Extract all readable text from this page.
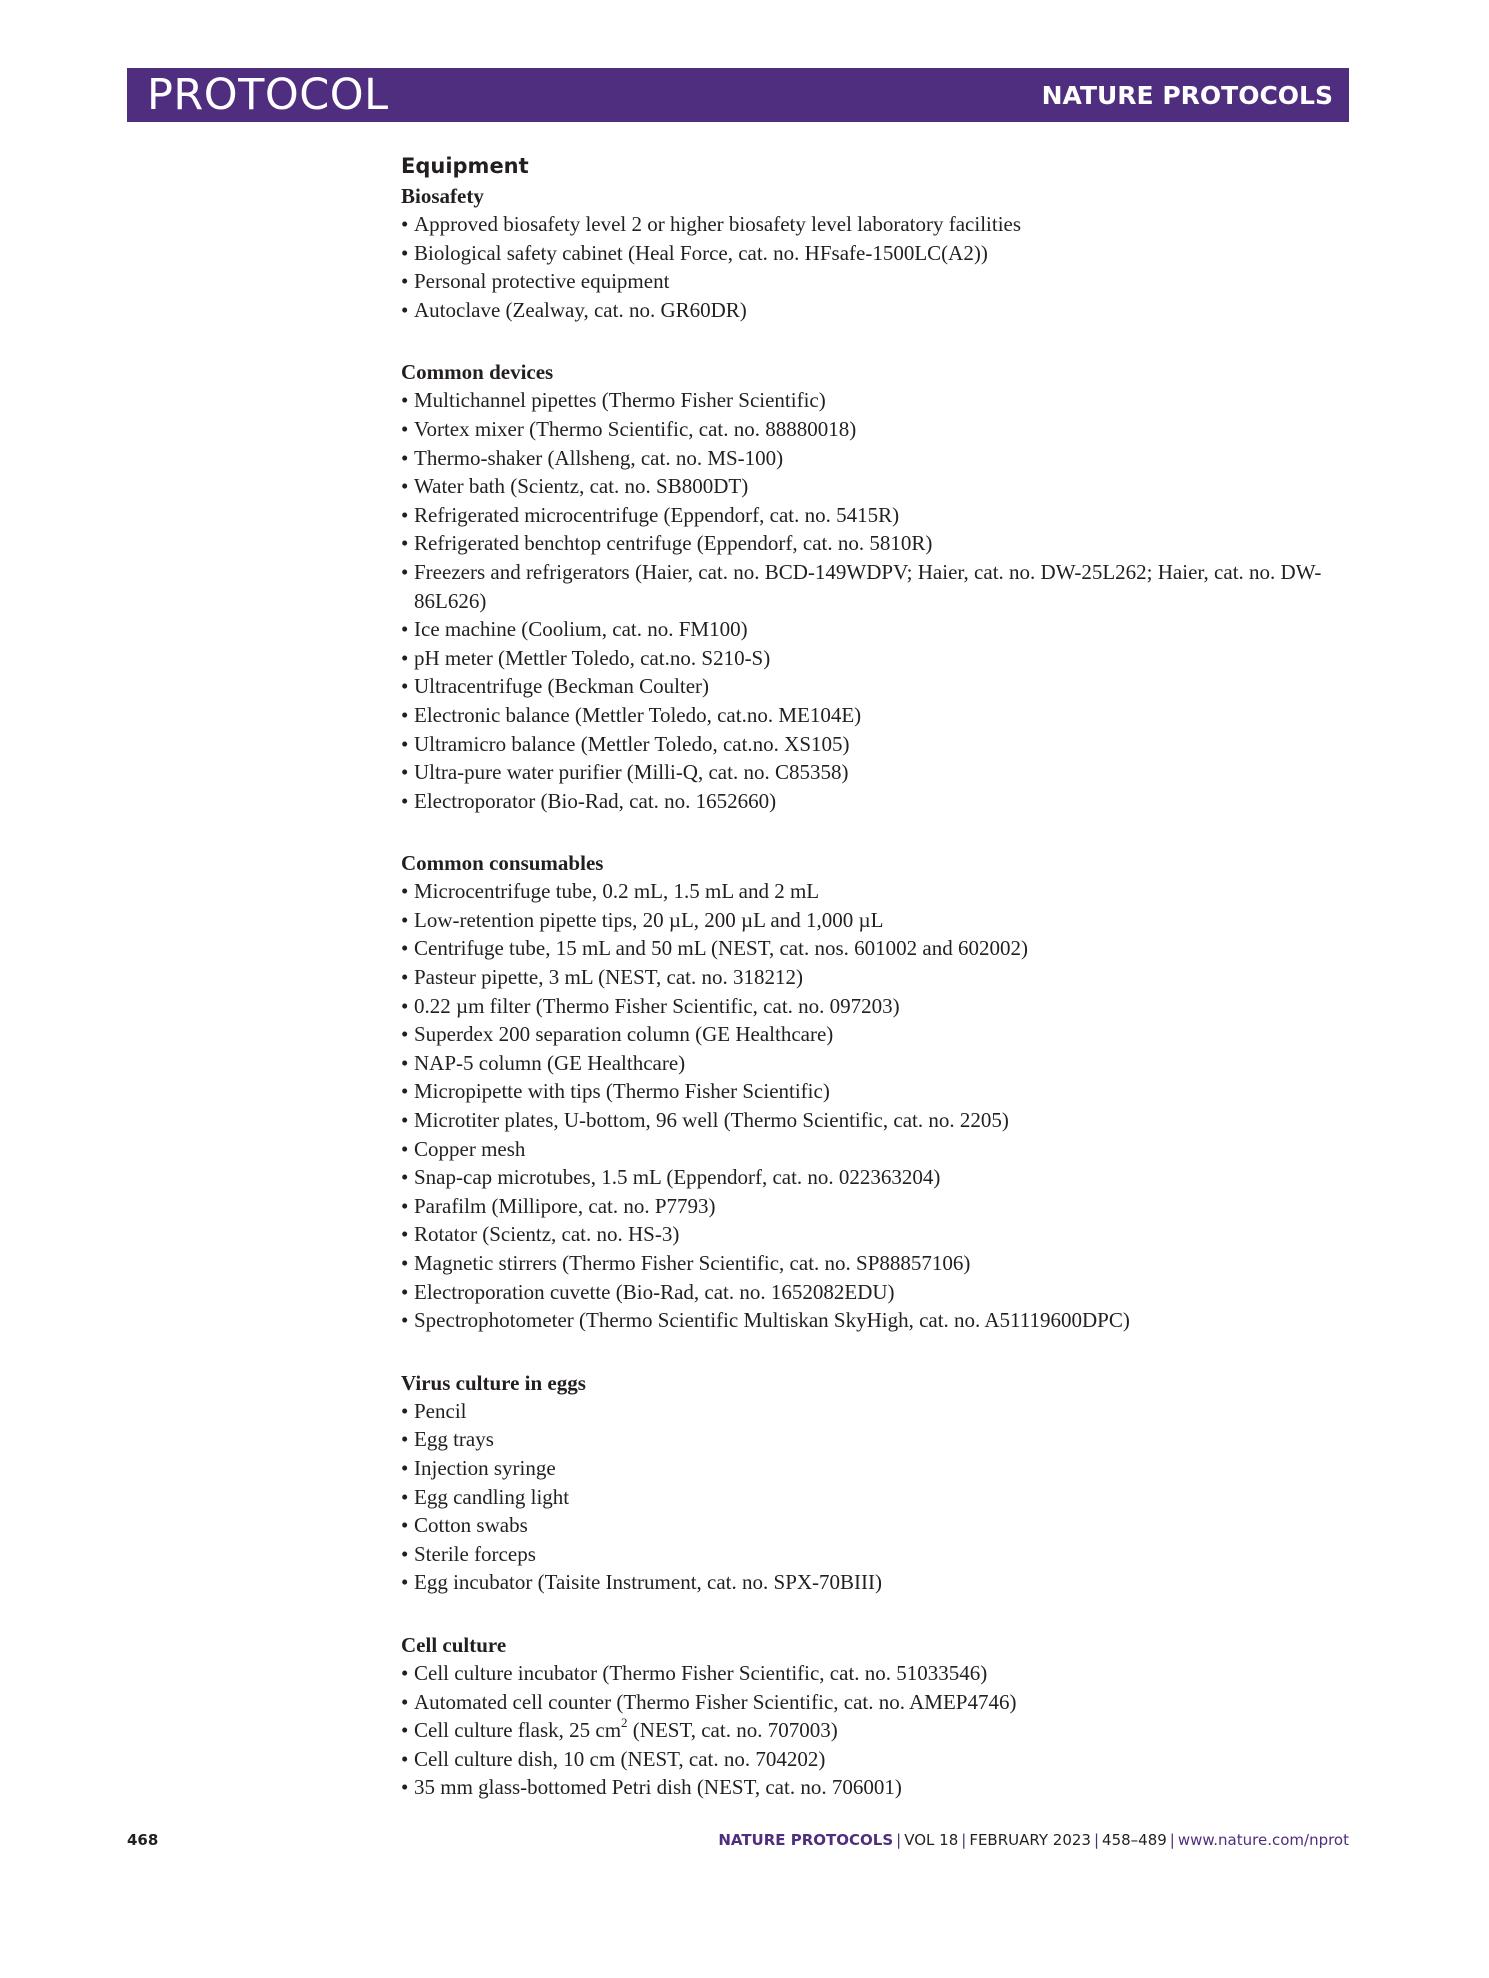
PROTOCOL	NATURE PROTOCOLS
Equipment
Biosafety
• Approved biosafety level 2 or higher biosafety level laboratory facilities
• Biological safety cabinet (Heal Force, cat. no. HFsafe-1500LC(A2))
• Personal protective equipment
• Autoclave (Zealway, cat. no. GR60DR)
Common devices
• Multichannel pipettes (Thermo Fisher Scientific)
• Vortex mixer (Thermo Scientific, cat. no. 88880018)
• Thermo-shaker (Allsheng, cat. no. MS-100)
• Water bath (Scientz, cat. no. SB800DT)
• Refrigerated microcentrifuge (Eppendorf, cat. no. 5415R)
• Refrigerated benchtop centrifuge (Eppendorf, cat. no. 5810R)
• Freezers and refrigerators (Haier, cat. no. BCD-149WDPV; Haier, cat. no. DW-25L262; Haier, cat. no. DW-86L626)
• Ice machine (Coolium, cat. no. FM100)
• pH meter (Mettler Toledo, cat.no. S210-S)
• Ultracentrifuge (Beckman Coulter)
• Electronic balance (Mettler Toledo, cat.no. ME104E)
• Ultramicro balance (Mettler Toledo, cat.no. XS105)
• Ultra-pure water purifier (Milli-Q, cat. no. C85358)
• Electroporator (Bio-Rad, cat. no. 1652660)
Common consumables
• Microcentrifuge tube, 0.2 mL, 1.5 mL and 2 mL
• Low-retention pipette tips, 20 µL, 200 µL and 1,000 µL
• Centrifuge tube, 15 mL and 50 mL (NEST, cat. nos. 601002 and 602002)
• Pasteur pipette, 3 mL (NEST, cat. no. 318212)
• 0.22 µm filter (Thermo Fisher Scientific, cat. no. 097203)
• Superdex 200 separation column (GE Healthcare)
• NAP-5 column (GE Healthcare)
• Micropipette with tips (Thermo Fisher Scientific)
• Microtiter plates, U-bottom, 96 well (Thermo Scientific, cat. no. 2205)
• Copper mesh
• Snap-cap microtubes, 1.5 mL (Eppendorf, cat. no. 022363204)
• Parafilm (Millipore, cat. no. P7793)
• Rotator (Scientz, cat. no. HS-3)
• Magnetic stirrers (Thermo Fisher Scientific, cat. no. SP88857106)
• Electroporation cuvette (Bio-Rad, cat. no. 1652082EDU)
• Spectrophotometer (Thermo Scientific Multiskan SkyHigh, cat. no. A51119600DPC)
Virus culture in eggs
• Pencil
• Egg trays
• Injection syringe
• Egg candling light
• Cotton swabs
• Sterile forceps
• Egg incubator (Taisite Instrument, cat. no. SPX-70BIII)
Cell culture
• Cell culture incubator (Thermo Fisher Scientific, cat. no. 51033546)
• Automated cell counter (Thermo Fisher Scientific, cat. no. AMEP4746)
• Cell culture flask, 25 $cm^2$ (NEST, cat. no. 707003)
• Cell culture dish, 10 cm (NEST, cat. no. 704202)
• 35 mm glass-bottomed Petri dish (NEST, cat. no. 706001)
468	NATURE PROTOCOLS | VOL 18 | FEBRUARY 2023 | 458–489 | www.nature.com/nprot
